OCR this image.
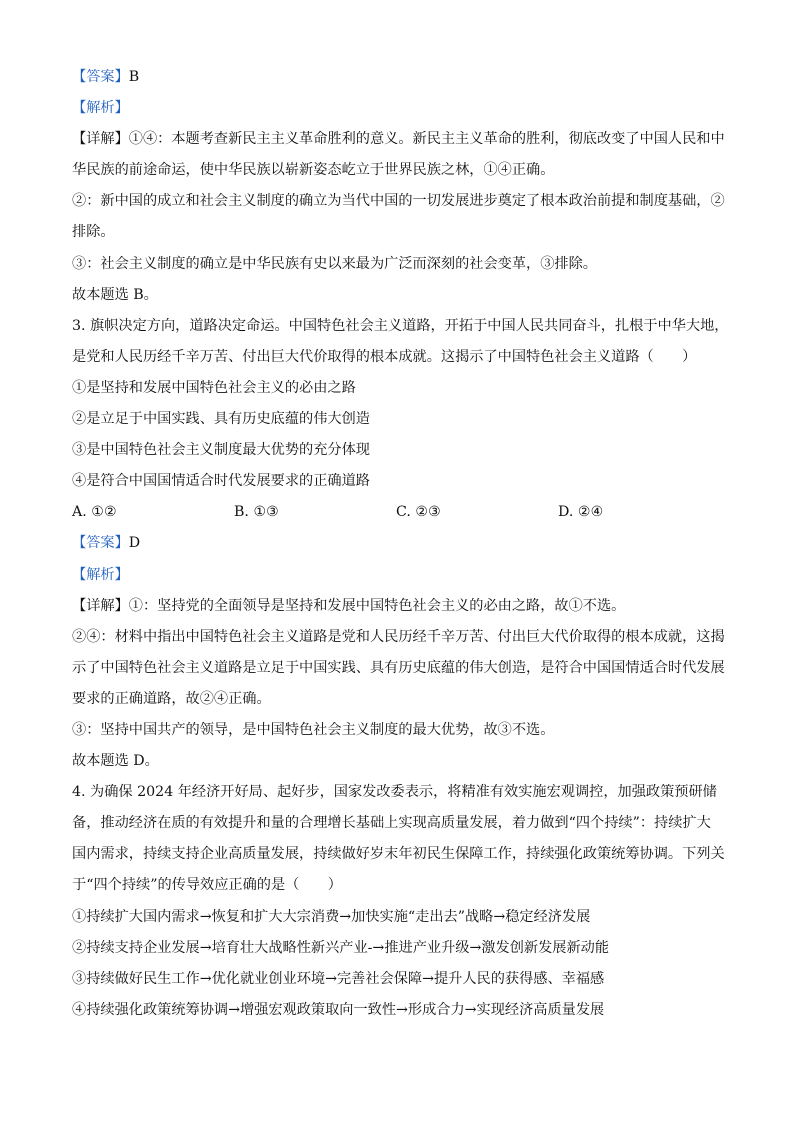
【答案】B
【解析】
【详解】①④：本题考查新民主主义革命胜利的意义。新民主主义革命的胜利，彻底改变了中国人民和中
华民族的前途命运，使中华民族以崭新姿态屹立于世界民族之林，①④正确。
②：新中国的成立和社会主义制度的确立为当代中国的一切发展进步奠定了根本政治前提和制度基础，②
排除。
③：社会主义制度的确立是中华民族有史以来最为广泛而深刻的社会变革，③排除。
故本题选 B。
3. 旗帜决定方向，道路决定命运。中国特色社会主义道路，开拓于中国人民共同奋斗，扎根于中华大地，
是党和人民历经千辛万苦、付出巨大代价取得的根本成就。这揭示了中国特色社会主义道路（　　）
①是坚持和发展中国特色社会主义的必由之路
②是立足于中国实践、具有历史底蕴的伟大创造
③是中国特色社会主义制度最大优势的充分体现
④是符合中国国情适合时代发展要求的正确道路
A. ①②	B. ①③	C. ②③	D. ②④
【答案】D
【解析】
【详解】①：坚持党的全面领导是坚持和发展中国特色社会主义的必由之路，故①不选。
②④：材料中指出中国特色社会主义道路是党和人民历经千辛万苦、付出巨大代价取得的根本成就，这揭
示了中国特色社会主义道路是立足于中国实践、具有历史底蕴的伟大创造，是符合中国国情适合时代发展
要求的正确道路，故②④正确。
③：坚持中国共产的领导，是中国特色社会主义制度的最大优势，故③不选。
故本题选 D。
4. 为确保 2024 年经济开好局、起好步，国家发改委表示，将精准有效实施宏观调控，加强政策预研储
备，推动经济在质的有效提升和量的合理增长基础上实现高质量发展，着力做到“四个持续”：持续扩大
国内需求，持续支持企业高质量发展，持续做好岁末年初民生保障工作，持续强化政策统筹协调。下列关
于“四个持续”的传导效应正确的是（　　）
①持续扩大国内需求→恢复和扩大大宗消费→加快实施“走出去”战略→稳定经济发展
②持续支持企业发展→培育壮大战略性新兴产业-→推进产业升级→激发创新发展新动能
③持续做好民生工作→优化就业创业环境→完善社会保障→提升人民的获得感、幸福感
④持续强化政策统筹协调→增强宏观政策取向一致性→形成合力→实现经济高质量发展
